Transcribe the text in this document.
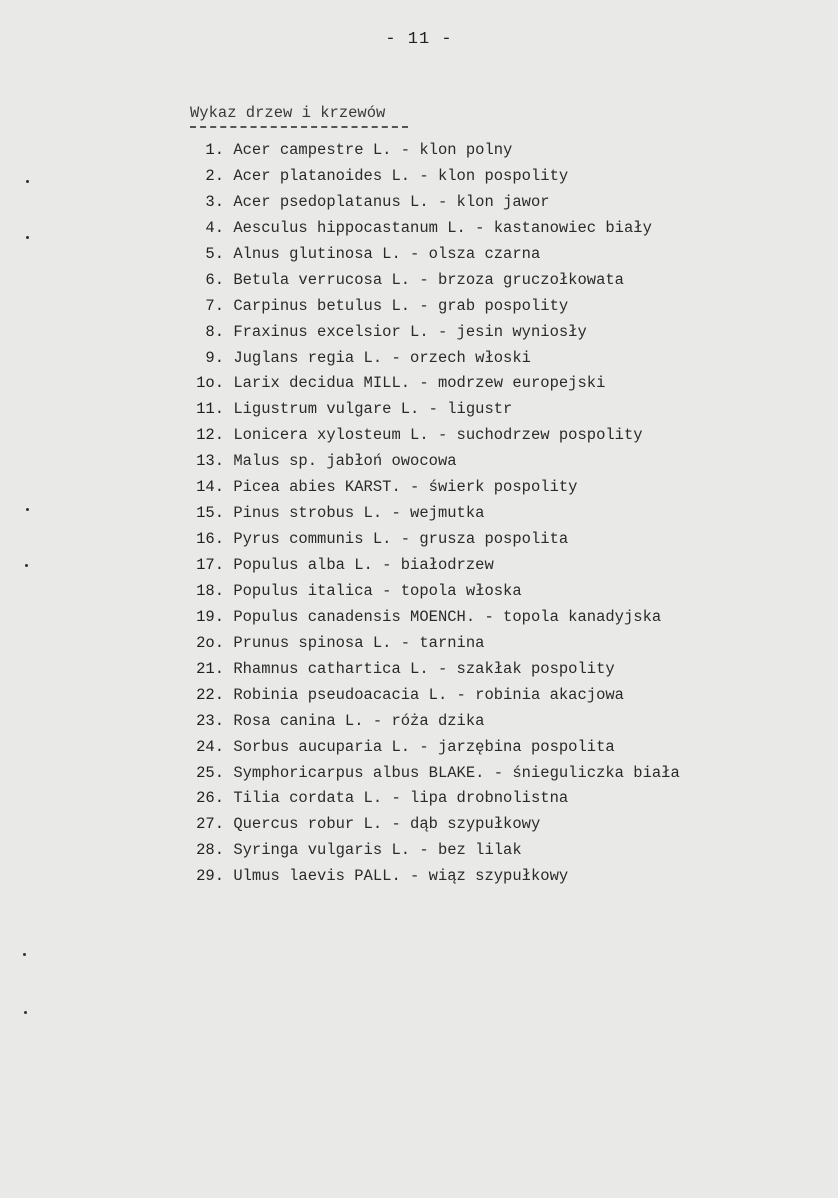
- 11 -
Wykaz drzew i krzewów
1.
Acer campestre L. - klon polny
2.
Acer platanoides L. - klon pospolity
3.
Acer psedoplatanus L. - klon jawor
4.
Aesculus hippocastanum L. - kastanowiec biały
5.
Alnus glutinosa L. - olsza czarna
6.
Betula verrucosa L. - brzoza gruczołkowata
7.
Carpinus betulus L. - grab pospolity
8.
Fraxinus excelsior L. - jesin wyniosły
9.
Juglans regia L. - orzech włoski
1o.
Larix decidua MILL. - modrzew europejski
11.
Ligustrum vulgare L. - ligustr
12.
Lonicera xylosteum L. - suchodrzew pospolity
13.
Malus sp. jabłoń owocowa
14.
Picea abies KARST. - świerk pospolity
15.
Pinus strobus L. - wejmutka
16.
Pyrus communis L. - grusza pospolita
17.
Populus alba L. - białodrzew
18.
Populus italica - topola włoska
19.
Populus canadensis MOENCH. - topola kanadyjska
2o.
Prunus spinosa L. - tarnina
21.
Rhamnus cathartica L. - szakłak pospolity
22.
Robinia pseudoacacia L. - robinia akacjowa
23.
Rosa canina L. - róża dzika
24.
Sorbus aucuparia L. - jarzębina pospolita
25.
Symphoricarpus albus BLAKE. - śnieguliczka biała
26.
Tilia cordata L. - lipa drobnolistna
27.
Quercus robur L. - dąb szypułkowy
28.
Syringa vulgaris L. - bez lilak
29.
Ulmus laevis PALL. - wiąz szypułkowy
